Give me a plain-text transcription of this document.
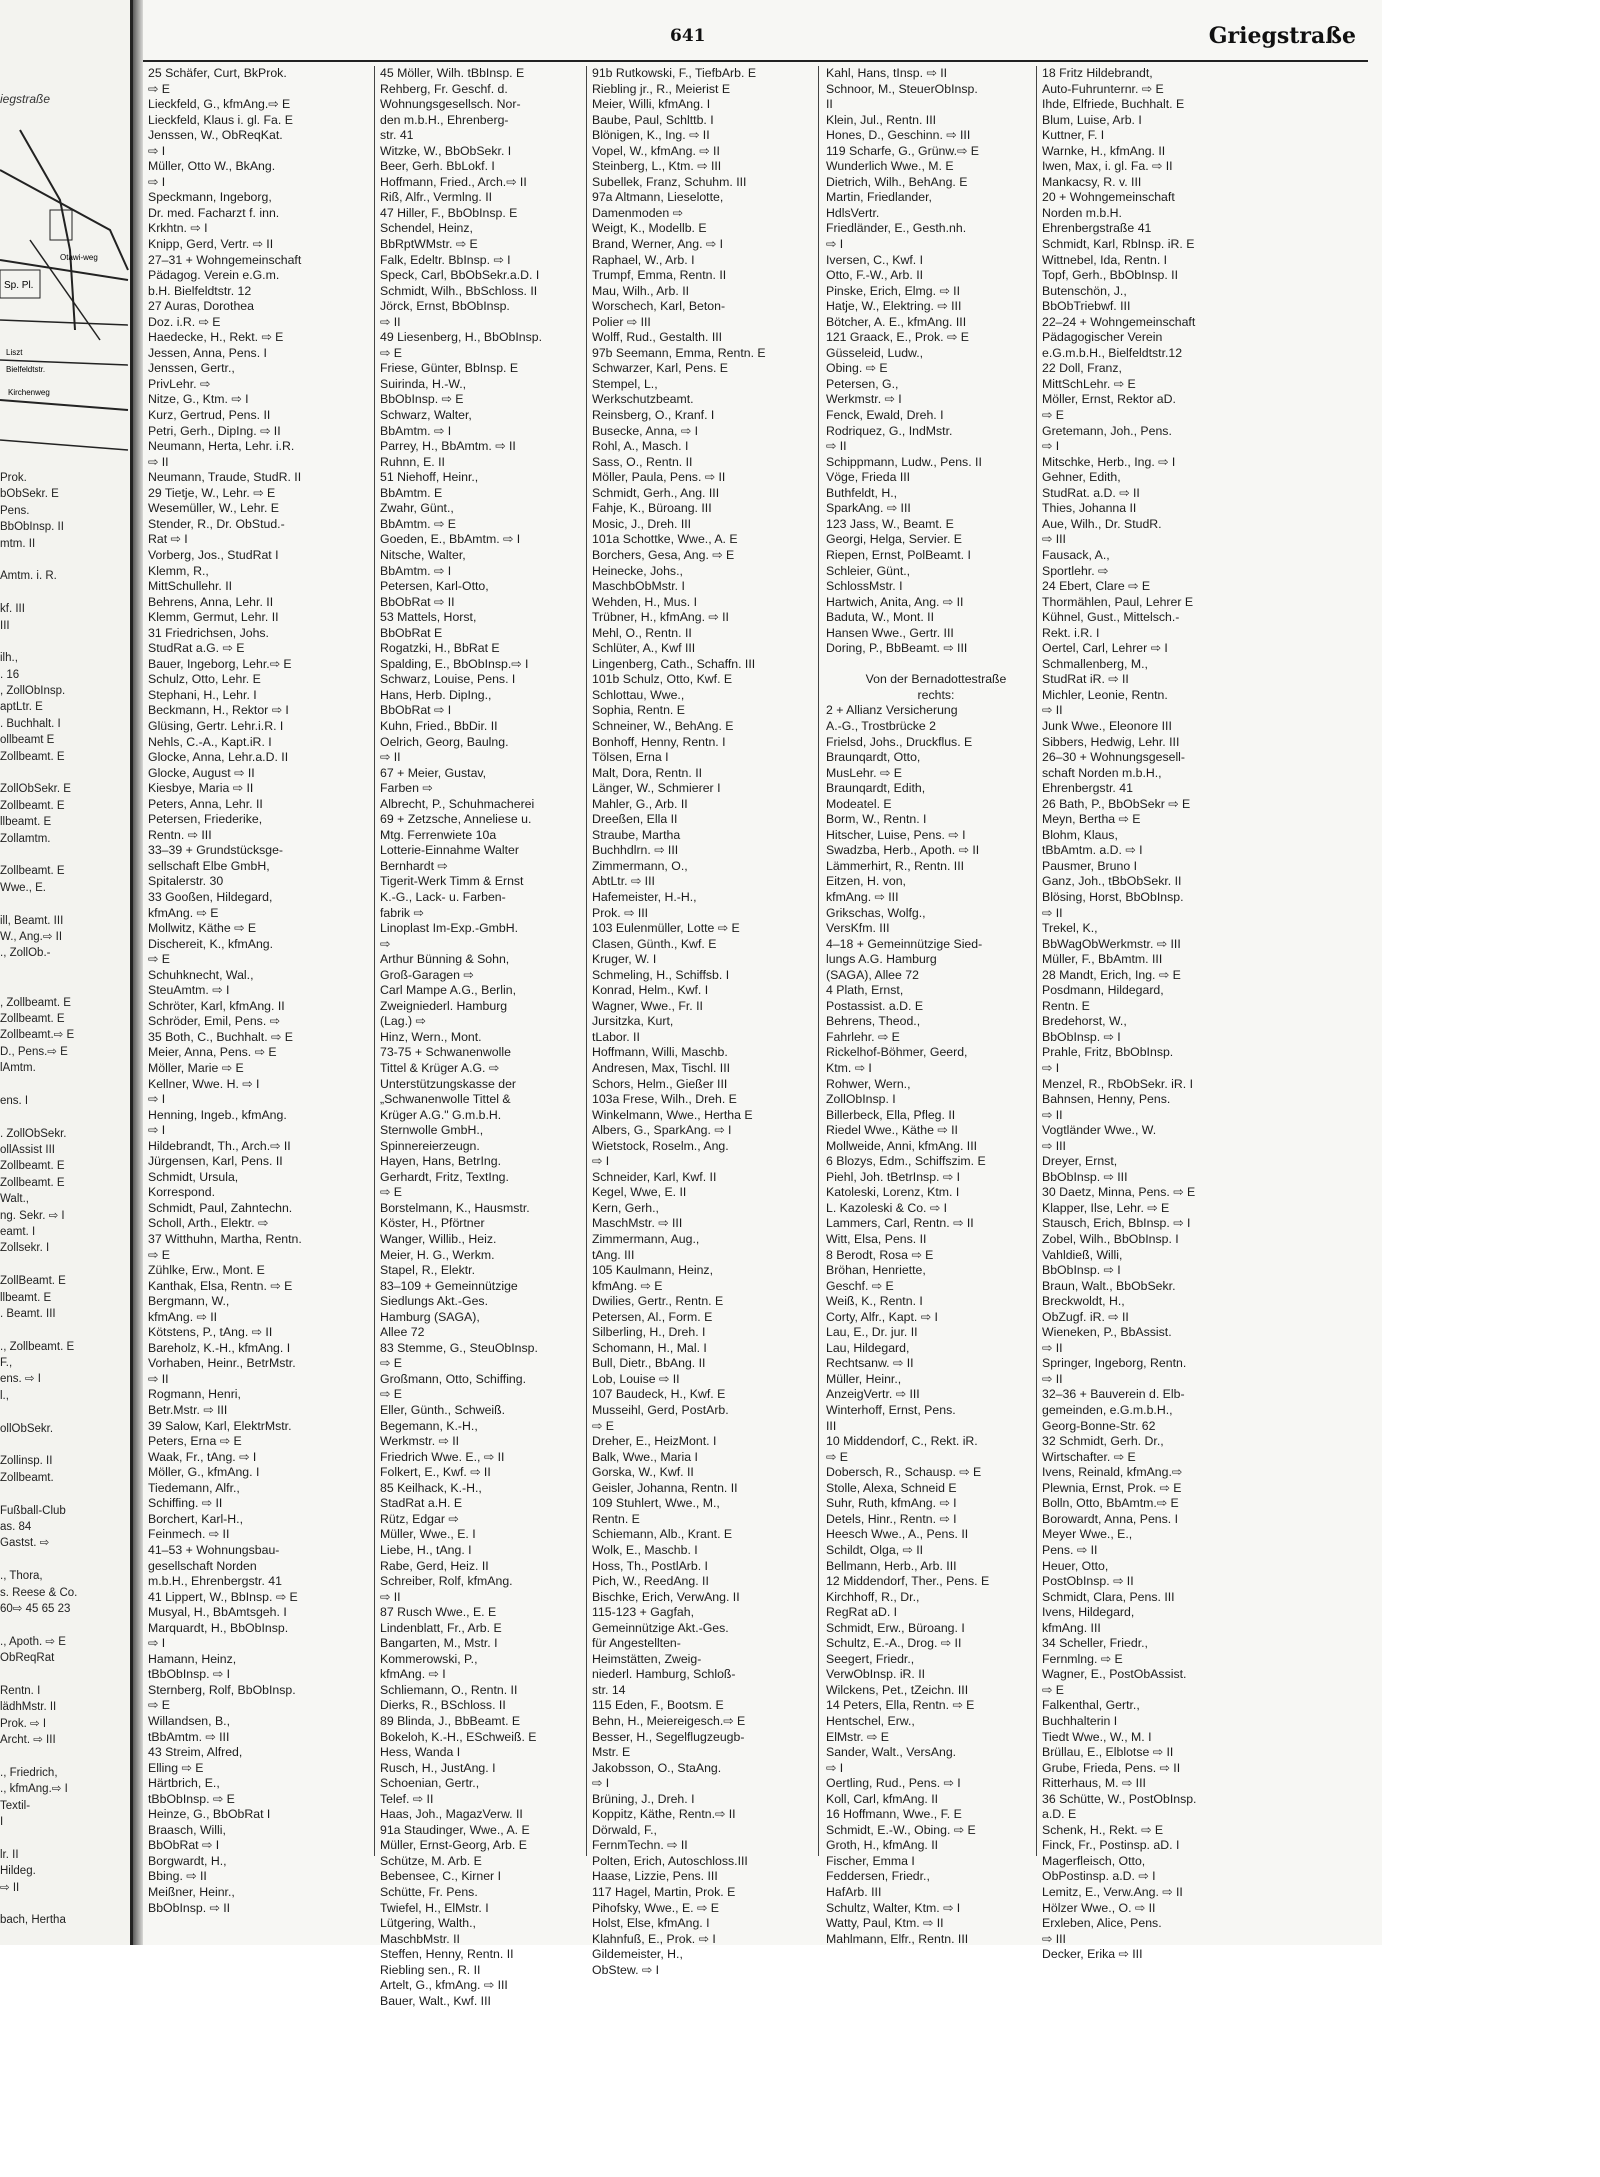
iegstraße
Sp. Pl.
Kirchenweg
Liszt
Bielfeldtstr.
Otawi-weg
Prok.
bObSekr. E
Pens.
BbObInsp. II
mtm. II
Amtm. i. R.
kf. III
III
ilh.,
. 16
, ZollObInsp.
aptLtr. E
. Buchhalt. I
ollbeamt E
Zollbeamt. E
ZollObSekr. E
Zollbeamt. E
llbeamt. E
Zollamtm.
Zollbeamt. E
Wwe., E.
ill, Beamt. III
W., Ang.⇨ II
., ZollOb.-
, Zollbeamt. E
Zollbeamt. E
Zollbeamt.⇨ E
D., Pens.⇨ E
lAmtm.
ens. I
. ZollObSekr.
ollAssist III
Zollbeamt. E
Zollbeamt. E
Walt.,
ng. Sekr. ⇨ I
eamt. I
Zollsekr. I
ZollBeamt. E
llbeamt. E
. Beamt. III
., Zollbeamt. E
F.,
ens. ⇨ I
l.,
ollObSekr.
Zollinsp. II
Zollbeamt.
Fußball-Club
as. 84
Gastst. ⇨
., Thora,
s. Reese & Co.
60⇨ 45 65 23
., Apoth. ⇨ E
ObReqRat
Rentn. I
lädhMstr. II
Prok. ⇨ I
Archt. ⇨ III
., Friedrich,
., kfmAng.⇨ I
Textil-
I
lr. II
Hildeg.
⇨ II
bach, Hertha
641	Griegstraße
25 Schäfer, Curt, BkProk.
⇨ E
Lieckfeld, G., kfmAng.⇨ E
Lieckfeld, Klaus i. gl. Fa. E
Jenssen, W., ObReqKat.
⇨ I
Müller, Otto W., BkAng.
⇨ I
Speckmann, Ingeborg,
Dr. med. Facharzt f. inn.
Krkhtn. ⇨ I
Knipp, Gerd, Vertr. ⇨ II
27–31 + Wohngemeinschaft
Pädagog. Verein e.G.m.
b.H. Bielfeldtstr. 12
27 Auras, Dorothea
Doz. i.R. ⇨ E
Haedecke, H., Rekt. ⇨ E
Jessen, Anna, Pens. I
Jenssen, Gertr.,
PrivLehr. ⇨
Nitze, G., Ktm. ⇨ I
Kurz, Gertrud, Pens. II
Petri, Gerh., DipIng. ⇨ II
Neumann, Herta, Lehr. i.R.
⇨ II
Neumann, Traude, StudR. II
29 Tietje, W., Lehr. ⇨ E
Wesemüller, W., Lehr. E
Stender, R., Dr. ObStud.-
Rat ⇨ I
Vorberg, Jos., StudRat I
Klemm, R.,
MittSchullehr. II
Behrens, Anna, Lehr. II
Klemm, Germut, Lehr. II
31 Friedrichsen, Johs.
StudRat a.G. ⇨ E
Bauer, Ingeborg, Lehr.⇨ E
Schulz, Otto, Lehr. E
Stephani, H., Lehr. I
Beckmann, H., Rektor ⇨ I
Glüsing, Gertr. Lehr.i.R. I
Nehls, C.-A., Kapt.iR. I
Glocke, Anna, Lehr.a.D. II
Glocke, August ⇨ II
Kiesbye, Maria ⇨ II
Peters, Anna, Lehr. II
Petersen, Friederike,
Rentn. ⇨ III
33–39 + Grundstücksge-
sellschaft Elbe GmbH,
Spitalerstr. 30
33 Gooßen, Hildegard,
kfmAng. ⇨ E
Mollwitz, Käthe ⇨ E
Dischereit, K., kfmAng.
⇨ E
Schuhknecht, Wal.,
SteuAmtm. ⇨ I
Schröter, Karl, kfmAng. II
Schröder, Emil, Pens. ⇨
35 Both, C., Buchhalt. ⇨ E
Meier, Anna, Pens. ⇨ E
Möller, Marie ⇨ E
Kellner, Wwe. H. ⇨ I
⇨ I
Henning, Ingeb., kfmAng.
⇨ I
Hildebrandt, Th., Arch.⇨ II
Jürgensen, Karl, Pens. II
Schmidt, Ursula,
Korrespond.
Schmidt, Paul, Zahntechn.
Scholl, Arth., Elektr. ⇨
37 Witthuhn, Martha, Rentn.
⇨ E
Zühlke, Erw., Mont. E
Kanthak, Elsa, Rentn. ⇨ E
Bergmann, W.,
kfmAng. ⇨ II
Kötstens, P., tAng. ⇨ II
Bareholz, K.-H., kfmAng. I
Vorhaben, Heinr., BetrMstr.
⇨ II
Rogmann, Henri,
Betr.Mstr. ⇨ III
39 Salow, Karl, ElektrMstr.
Peters, Erna ⇨ E
Waak, Fr., tAng. ⇨ I
Möller, G., kfmAng. I
Tiedemann, Alfr.,
Schiffing. ⇨ II
Borchert, Karl-H.,
Feinmech. ⇨ II
41–53 + Wohnungsbau-
gesellschaft Norden
m.b.H., Ehrenbergstr. 41
41 Lippert, W., BbInsp. ⇨ E
Musyal, H., BbAmtsgeh. I
Marquardt, H., BbObInsp.
⇨ I
Hamann, Heinz,
tBbObInsp. ⇨ I
Sternberg, Rolf, BbObInsp.
⇨ E
Willandsen, B.,
tBbAmtm. ⇨ III
43 Streim, Alfred,
Elling ⇨ E
Härtbrich, E.,
tBbObInsp. ⇨ E
Heinze, G., BbObRat I
Braasch, Willi,
BbObRat ⇨ I
Borgwardt, H.,
Bbing. ⇨ II
Meißner, Heinr.,
BbObInsp. ⇨ II
45 Möller, Wilh. tBbInsp. E
Rehberg, Fr. Geschf. d.
Wohnungsgesellsch. Nor-
den m.b.H., Ehrenberg-
str. 41
Witzke, W., BbObSekr. I
Beer, Gerh. BbLokf. I
Hoffmann, Fried., Arch.⇨ II
Riß, Alfr., Vermlng. II
47 Hiller, F., BbObInsp. E
Schendel, Heinz,
BbRptWMstr. ⇨ E
Falk, Edeltr. BbInsp. ⇨ I
Speck, Carl, BbObSekr.a.D. I
Schmidt, Wilh., BbSchloss. II
Jörck, Ernst, BbObInsp.
⇨ II
49 Liesenberg, H., BbObInsp.
⇨ E
Friese, Günter, BbInsp. E
Suirinda, H.-W.,
BbObInsp. ⇨ E
Schwarz, Walter,
BbAmtm. ⇨ I
Parrey, H., BbAmtm. ⇨ II
Ruhnn, E. II
51 Niehoff, Heinr.,
BbAmtm. E
Zwahr, Günt.,
BbAmtm. ⇨ E
Goeden, E., BbAmtm. ⇨ I
Nitsche, Walter,
BbAmtm. ⇨ I
Petersen, Karl-Otto,
BbObRat ⇨ II
53 Mattels, Horst,
BbObRat E
Rogatzki, H., BbRat E
Spalding, E., BbObInsp.⇨ I
Schwarz, Louise, Pens. I
Hans, Herb. DipIng.,
BbObRat ⇨ I
Kuhn, Fried., BbDir. II
Oelrich, Georg, Baulng.
⇨ II
67 + Meier, Gustav,
Farben ⇨
Albrecht, P., Schuhmacherei
69 + Zetzsche, Anneliese u.
Mtg. Ferrenwiete 10a
Lotterie-Einnahme Walter
Bernhardt ⇨
Tigerit-Werk Timm & Ernst
K.-G., Lack- u. Farben-
fabrik ⇨
Linoplast Im-Exp.-GmbH.
⇨
Arthur Bünning & Sohn,
Groß-Garagen ⇨
Carl Mampe A.G., Berlin,
Zweigniederl. Hamburg
(Lag.) ⇨
Hinz, Wern., Mont.
73-75 + Schwanenwolle
Tittel & Krüger A.G. ⇨
Unterstützungskasse der
„Schwanenwolle Tittel &
Krüger A.G." G.m.b.H.
Sternwolle GmbH.,
Spinnereierzeugn.
Hayen, Hans, BetrIng.
Gerhardt, Fritz, TextIng.
⇨ E
Borstelmann, K., Hausmstr.
Köster, H., Pförtner
Wanger, Willib., Heiz.
Meier, H. G., Werkm.
Stapel, R., Elektr.
83–109 + Gemeinnützige
Siedlungs Akt.-Ges.
Hamburg (SAGA),
Allee 72
83 Stemme, G., SteuObInsp.
⇨ E
Großmann, Otto, Schiffing.
⇨ E
Eller, Günth., Schweiß.
Begemann, K.-H.,
Werkmstr. ⇨ II
Friedrich Wwe. E., ⇨ II
Folkert, E., Kwf. ⇨ II
85 Keilhack, K.-H.,
StadRat a.H. E
Rütz, Edgar ⇨
Müller, Wwe., E. I
Liebe, H., tAng. I
Rabe, Gerd, Heiz. II
Schreiber, Rolf, kfmAng.
⇨ II
87 Rusch Wwe., E. E
Lindenblatt, Fr., Arb. E
Bangarten, M., Mstr. I
Kommerowski, P.,
kfmAng. ⇨ I
Schliemann, O., Rentn. II
Dierks, R., BSchloss. II
89 Blinda, J., BbBeamt. E
Bokeloh, K.-H., ESchweiß. E
Hess, Wanda I
Rusch, H., JustAng. I
Schoenian, Gertr.,
Telef. ⇨ II
Haas, Joh., MagazVerw. II
91a Staudinger, Wwe., A. E
Müller, Ernst-Georg, Arb. E
Schütze, M. Arb. E
Bebensee, C., Kirner I
Schütte, Fr. Pens.
Twiefel, H., ElMstr. I
Lütgering, Walth.,
MaschbMstr. II
Steffen, Henny, Rentn. II
Riebling sen., R. II
Artelt, G., kfmAng. ⇨ III
Bauer, Walt., Kwf. III
91b Rutkowski, F., TiefbArb. E
Riebling jr., R., Meierist E
Meier, Willi, kfmAng. I
Baube, Paul, Schlttb. I
Blönigen, K., Ing. ⇨ II
Vopel, W., kfmAng. ⇨ II
Steinberg, L., Ktm. ⇨ III
Subellek, Franz, Schuhm. III
97a Altmann, Lieselotte,
Damenmoden ⇨
Weigt, K., Modellb. E
Brand, Werner, Ang. ⇨ I
Raphael, W., Arb. I
Trumpf, Emma, Rentn. II
Mau, Wilh., Arb. II
Worschech, Karl, Beton-
Polier ⇨ III
Wolff, Rud., Gestalth. III
97b Seemann, Emma, Rentn. E
Schwarzer, Karl, Pens. E
Stempel, L.,
Werkschutzbeamt.
Reinsberg, O., Kranf. I
Busecke, Anna, ⇨ I
Rohl, A., Masch. I
Sass, O., Rentn. II
Möller, Paula, Pens. ⇨ II
Schmidt, Gerh., Ang. III
Fahje, K., Büroang. III
Mosic, J., Dreh. III
101a Schottke, Wwe., A. E
Borchers, Gesa, Ang. ⇨ E
Heinecke, Johs.,
MaschbObMstr. I
Wehden, H., Mus. I
Trübner, H., kfmAng. ⇨ II
Mehl, O., Rentn. II
Schlüter, A., Kwf III
Lingenberg, Cath., Schaffn. III
101b Schulz, Otto, Kwf. E
Schlottau, Wwe.,
Sophia, Rentn. E
Schneiner, W., BehAng. E
Bonhoff, Henny, Rentn. I
Tölsen, Erna I
Malt, Dora, Rentn. II
Länger, W., Schmierer I
Mahler, G., Arb. II
Dreeßen, Ella II
Straube, Martha
Buchhdlrn. ⇨ III
Zimmermann, O.,
AbtLtr. ⇨ III
Hafemeister, H.-H.,
Prok. ⇨ III
103 Eulenmüller, Lotte ⇨ E
Clasen, Günth., Kwf. E
Kruger, W. I
Schmeling, H., Schiffsb. I
Konrad, Helm., Kwf. I
Wagner, Wwe., Fr. II
Jursitzka, Kurt,
tLabor. II
Hoffmann, Willi, Maschb.
Andresen, Max, Tischl. III
Schors, Helm., Gießer III
103a Frese, Wilh., Dreh. E
Winkelmann, Wwe., Hertha E
Albers, G., SparkAng. ⇨ I
Wietstock, Roselm., Ang.
⇨ I
Schneider, Karl, Kwf. II
Kegel, Wwe, E. II
Kern, Gerh.,
MaschMstr. ⇨ III
Zimmermann, Aug.,
tAng. III
105 Kaulmann, Heinz,
kfmAng. ⇨ E
Dwilies, Gertr., Rentn. E
Petersen, Al., Form. E
Silberling, H., Dreh. I
Schomann, H., Mal. I
Bull, Dietr., BbAng. II
Lob, Louise ⇨ II
107 Baudeck, H., Kwf. E
Musseihl, Gerd, PostArb.
⇨ E
Dreher, E., HeizMont. I
Balk, Wwe., Maria I
Gorska, W., Kwf. II
Geisler, Johanna, Rentn. II
109 Stuhlert, Wwe., M.,
Rentn. E
Schiemann, Alb., Krant. E
Wolk, E., Maschb. I
Hoss, Th., PostlArb. I
Pich, W., ReedAng. II
Bischke, Erich, VerwAng. II
115-123 + Gagfah,
Gemeinnützige Akt.-Ges.
für Angestellten-
Heimstätten, Zweig-
niederl. Hamburg, Schloß-
str. 14
115 Eden, F., Bootsm. E
Behn, H., Meiereigesch.⇨ E
Besser, H., Segelflugzeugb-
Mstr. E
Jakobsson, O., StaAng.
⇨ I
Brüning, J., Dreh. I
Koppitz, Käthe, Rentn.⇨ II
Dörwald, F.,
FernmTechn. ⇨ II
Polten, Erich, Autoschloss.III
Haase, Lizzie, Pens. III
117 Hagel, Martin, Prok. E
Pihofsky, Wwe., E. ⇨ E
Holst, Else, kfmAng. I
Klahnfuß, E., Prok. ⇨ I
Gildemeister, H.,
ObStew. ⇨ I
Kahl, Hans, tInsp. ⇨ II
Schnoor, M., SteuerObInsp.
II
Klein, Jul., Rentn. III
Hones, D., Geschinn. ⇨ III
119 Scharfe, G., Grünw.⇨ E
Wunderlich Wwe., M. E
Dietrich, Wilh., BehAng. E
Martin, Friedlander,
HdlsVertr.
Friedländer, E., Gesth.nh.
⇨ I
Iversen, C., Kwf. I
Otto, F.-W., Arb. II
Pinske, Erich, Elmg. ⇨ II
Hatje, W., Elektring. ⇨ III
Bötcher, A. E., kfmAng. III
121 Graack, E., Prok. ⇨ E
Güsseleid, Ludw.,
Obing. ⇨ E
Petersen, G.,
Werkmstr. ⇨ I
Fenck, Ewald, Dreh. I
Rodriquez, G., IndMstr.
⇨ II
Schippmann, Ludw., Pens. II
Vöge, Frieda III
Buthfeldt, H.,
SparkAng. ⇨ III
123 Jass, W., Beamt. E
Georgi, Helga, Servier. E
Riepen, Ernst, PolBeamt. I
Schleier, Günt.,
SchlossMstr. I
Hartwich, Anita, Ang. ⇨ II
Baduta, W., Mont. II
Hansen Wwe., Gertr. III
Doring, P., BbBeamt. ⇨ III
Von der Bernadottestraße
rechts:
2 + Allianz Versicherung
A.-G., Trostbrücke 2
Frielsd, Johs., Druckflus. E
Braunqardt, Otto,
MusLehr. ⇨ E
Braunqardt, Edith,
Modeatel. E
Borm, W., Rentn. I
Hitscher, Luise, Pens. ⇨ I
Swadzba, Herb., Apoth. ⇨ II
Lämmerhirt, R., Rentn. III
Eitzen, H. von,
kfmAng. ⇨ III
Grikschas, Wolfg.,
VersKfm. III
4–18 + Gemeinnützige Sied-
lungs A.G. Hamburg
(SAGA), Allee 72
4 Plath, Ernst,
Postassist. a.D. E
Behrens, Theod.,
Fahrlehr. ⇨ E
Rickelhof-Böhmer, Geerd,
Ktm. ⇨ I
Rohwer, Wern.,
ZollObInsp. I
Billerbeck, Ella, Pfleg. II
Riedel Wwe., Käthe ⇨ II
Mollweide, Anni, kfmAng. III
6 Blozys, Edm., Schiffszim. E
Piehl, Joh. tBetrInsp. ⇨ I
Katoleski, Lorenz, Ktm. I
L. Kazoleski & Co. ⇨ I
Lammers, Carl, Rentn. ⇨ II
Witt, Elsa, Pens. II
8 Berodt, Rosa ⇨ E
Bröhan, Henriette,
Geschf. ⇨ E
Weiß, K., Rentn. I
Corty, Alfr., Kapt. ⇨ I
Lau, E., Dr. jur. II
Lau, Hildegard,
Rechtsanw. ⇨ II
Müller, Heinr.,
AnzeigVertr. ⇨ III
Winterhoff, Ernst, Pens.
III
10 Middendorf, C., Rekt. iR.
⇨ E
Dobersch, R., Schausp. ⇨ E
Stolle, Alexa, Schneid E
Suhr, Ruth, kfmAng. ⇨ I
Detels, Hinr., Rentn. ⇨ I
Heesch Wwe., A., Pens. II
Schildt, Olga, ⇨ II
Bellmann, Herb., Arb. III
12 Middendorf, Ther., Pens. E
Kirchhoff, R., Dr.,
RegRat aD. I
Schmidt, Erw., Büroang. I
Schultz, E.-A., Drog. ⇨ II
Seegert, Friedr.,
VerwObInsp. iR. II
Wilckens, Pet., tZeichn. III
14 Peters, Ella, Rentn. ⇨ E
Hentschel, Erw.,
ElMstr. ⇨ E
Sander, Walt., VersAng.
⇨ I
Oertling, Rud., Pens. ⇨ I
Koll, Carl, kfmAng. II
16 Hoffmann, Wwe., F. E
Schmidt, E.-W., Obing. ⇨ E
Groth, H., kfmAng. II
Fischer, Emma I
Feddersen, Friedr.,
HafArb. III
Schultz, Walter, Ktm. ⇨ I
Watty, Paul, Ktm. ⇨ II
Mahlmann, Elfr., Rentn. III
18 Fritz Hildebrandt,
Auto-Fuhrunternr. ⇨ E
Ihde, Elfriede, Buchhalt. E
Blum, Luise, Arb. I
Kuttner, F. I
Warnke, H., kfmAng. II
Iwen, Max, i. gl. Fa. ⇨ II
Mankacsy, R. v. III
20 + Wohngemeinschaft
Norden m.b.H.
Ehrenbergstraße 41
Schmidt, Karl, RbInsp. iR. E
Wittnebel, Ida, Rentn. I
Topf, Gerh., BbObInsp. II
Butenschön, J.,
BbObTriebwf. III
22–24 + Wohngemeinschaft
Pädagogischer Verein
e.G.m.b.H., Bielfeldtstr.12
22 Doll, Franz,
MittSchLehr. ⇨ E
Möller, Ernst, Rektor aD.
⇨ E
Gretemann, Joh., Pens.
⇨ I
Mitschke, Herb., Ing. ⇨ I
Gehner, Edith,
StudRat. a.D. ⇨ II
Thies, Johanna II
Aue, Wilh., Dr. StudR.
⇨ III
Fausack, A.,
Sportlehr. ⇨
24 Ebert, Clare ⇨ E
Thormählen, Paul, Lehrer E
Kühnel, Gust., Mittelsch.-
Rekt. i.R. I
Oertel, Carl, Lehrer ⇨ I
Schmallenberg, M.,
StudRat iR. ⇨ II
Michler, Leonie, Rentn.
⇨ II
Junk Wwe., Eleonore III
Sibbers, Hedwig, Lehr. III
26–30 + Wohnungsgesell-
schaft Norden m.b.H.,
Ehrenbergstr. 41
26 Bath, P., BbObSekr ⇨ E
Meyn, Bertha ⇨ E
Blohm, Klaus,
tBbAmtm. a.D. ⇨ I
Pausmer, Bruno I
Ganz, Joh., tBbObSekr. II
Blösing, Horst, BbObInsp.
⇨ II
Trekel, K.,
BbWagObWerkmstr. ⇨ III
Müller, F., BbAmtm. III
28 Mandt, Erich, Ing. ⇨ E
Posdmann, Hildegard,
Rentn. E
Bredehorst, W.,
BbObInsp. ⇨ I
Prahle, Fritz, BbObInsp.
⇨ I
Menzel, R., RbObSekr. iR. I
Bahnsen, Henny, Pens.
⇨ II
Vogtländer Wwe., W.
⇨ III
Dreyer, Ernst,
BbObInsp. ⇨ III
30 Daetz, Minna, Pens. ⇨ E
Klapper, Ilse, Lehr. ⇨ E
Stausch, Erich, BbInsp. ⇨ I
Zobel, Wilh., BbObInsp. I
Vahldieß, Willi,
BbObInsp. ⇨ I
Braun, Walt., BbObSekr.
Breckwoldt, H.,
ObZugf. iR. ⇨ II
Wieneken, P., BbAssist.
⇨ II
Springer, Ingeborg, Rentn.
⇨ II
32–36 + Bauverein d. Elb-
gemeinden, e.G.m.b.H.,
Georg-Bonne-Str. 62
32 Schmidt, Gerh. Dr.,
Wirtschafter. ⇨ E
Ivens, Reinald, kfmAng.⇨
Plewnia, Ernst, Prok. ⇨ E
Bolln, Otto, BbAmtm.⇨ E
Borowardt, Anna, Pens. I
Meyer Wwe., E.,
Pens. ⇨ II
Heuer, Otto,
PostObInsp. ⇨ II
Schmidt, Clara, Pens. III
Ivens, Hildegard,
kfmAng. III
34 Scheller, Friedr.,
Fernmlng. ⇨ E
Wagner, E., PostObAssist.
⇨ E
Falkenthal, Gertr.,
Buchhalterin I
Tiedt Wwe., W., M. I
Brüllau, E., Elblotse ⇨ II
Grube, Frieda, Pens. ⇨ II
Ritterhaus, M. ⇨ III
36 Schütte, W., PostObInsp.
a.D. E
Schenk, H., Rekt. ⇨ E
Finck, Fr., Postinsp. aD. I
Magerfleisch, Otto,
ObPostinsp. a.D. ⇨ I
Lemitz, E., Verw.Ang. ⇨ II
Hölzer Wwe., O. ⇨ II
Erxleben, Alice, Pens.
⇨ III
Decker, Erika ⇨ III
